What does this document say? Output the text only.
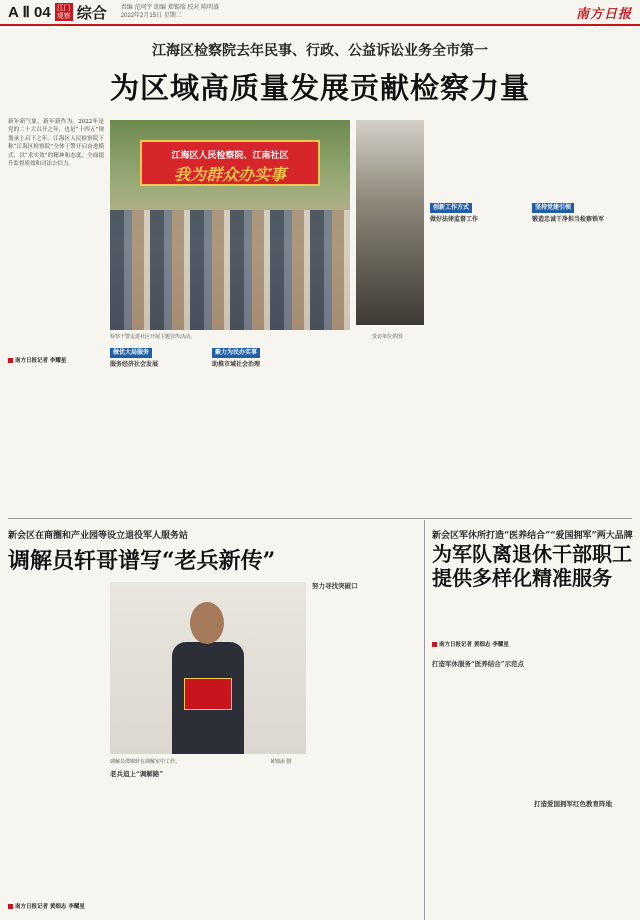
A Ⅱ 04 江门
观察 综合 责编 范珂宇 助编 郑锡瑞 校对 陈明盛
2022年2月15日 星期二	南方日报
江海区检察院去年民事、行政、公益诉讼业务全市第一
为区域高质量发展贡献检察力量

新年新气象，新年新作为。2022年是党的二十大召开之年，也是“十四五”规划承上启下之年。江海区人民检察院下称“江海区检察院”全体干警开启奋进模式，以“求实效”的精神和态度，全面提升监督质效和司法公信力。

南方日报记者 李耀星
江海区人民检察院、江南社区
我为群众办实事
检察干警走进社区开展主题宣传活动。	受访单位供图
做优大局服务
服务经济社会发展
聚力为民办实事
助推市域社会治理
创新工作方式
做好法律监督工作
坚持党建引领
锻造忠诚干净担当检察铁军
新会区在商圈和产业园等设立退役军人服务站
调解员轩哥谱写“老兵新传”
调解员谭锦轩在调解室中工作。	黄锦添 摄
努力寻找突破口
老兵追上“调解路”
南方日报记者 黄细志 李耀星
新会区军休所打造“医养结合”“爱国拥军”两大品牌
为军队离退休干部职工提供多样化精准服务
南方日报记者 黄细志 李耀星
打造军休服务“医养结合”示范点
打造爱国拥军红色教育阵地
